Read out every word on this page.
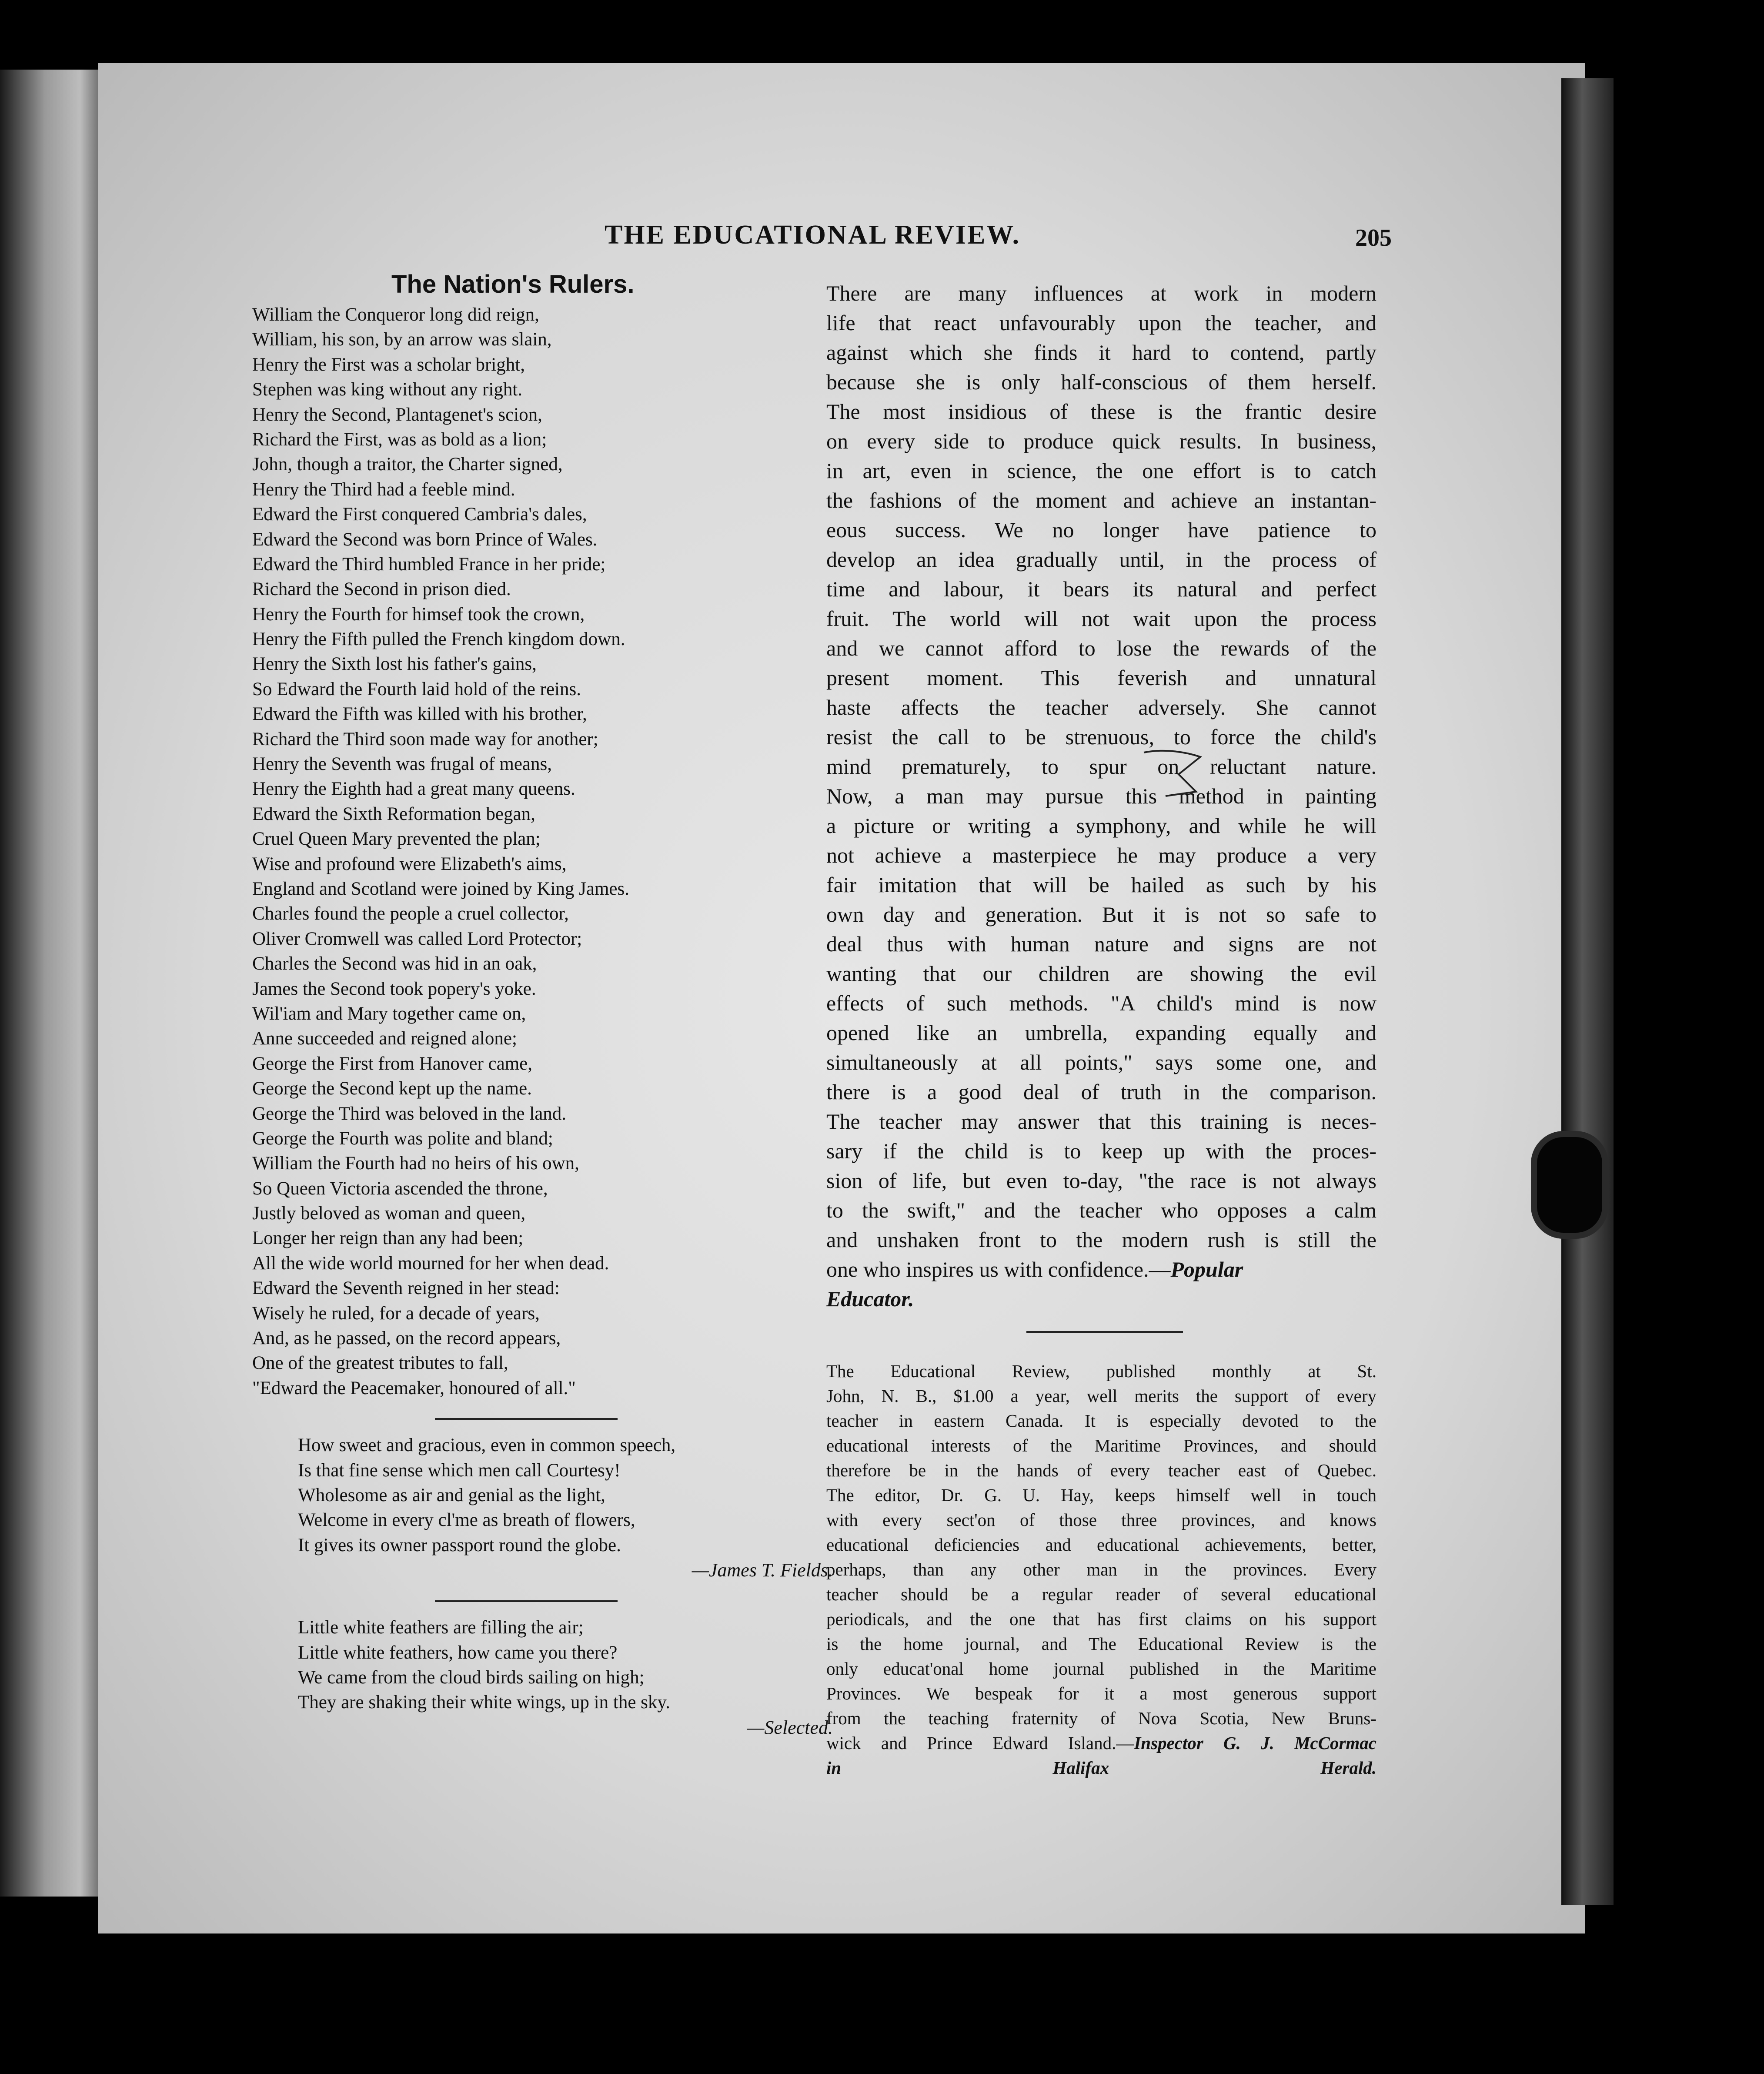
THE EDUCATIONAL REVIEW.	205
The Nation's Rulers.
William the Conqueror long did reign,
William, his son, by an arrow was slain,
Henry the First was a scholar bright,
Stephen was king without any right.
Henry the Second, Plantagenet's scion,
Richard the First, was as bold as a lion;
John, though a traitor, the Charter signed,
Henry the Third had a feeble mind.
Edward the First conquered Cambria's dales,
Edward the Second was born Prince of Wales.
Edward the Third humbled France in her pride;
Richard the Second in prison died.
Henry the Fourth for himsef took the crown,
Henry the Fifth pulled the French kingdom down.
Henry the Sixth lost his father's gains,
So Edward the Fourth laid hold of the reins.
Edward the Fifth was killed with his brother,
Richard the Third soon made way for another;
Henry the Seventh was frugal of means,
Henry the Eighth had a great many queens.
Edward the Sixth Reformation began,
Cruel Queen Mary prevented the plan;
Wise and profound were Elizabeth's aims,
England and Scotland were joined by King James.
Charles found the people a cruel collector,
Oliver Cromwell was called Lord Protector;
Charles the Second was hid in an oak,
James the Second took popery's yoke.
Wil'iam and Mary together came on,
Anne succeeded and reigned alone;
George the First from Hanover came,
George the Second kept up the name.
George the Third was beloved in the land.
George the Fourth was polite and bland;
William the Fourth had no heirs of his own,
So Queen Victoria ascended the throne,
Justly beloved as woman and queen,
Longer her reign than any had been;
All the wide world mourned for her when dead.
Edward the Seventh reigned in her stead:
Wisely he ruled, for a decade of years,
And, as he passed, on the record appears,
One of the greatest tributes to fall,
"Edward the Peacemaker, honoured of all."
How sweet and gracious, even in common speech,
Is that fine sense which men call Courtesy!
Wholesome as air and genial as the light,
Welcome in every cl'me as breath of flowers,
It gives its owner passport round the globe.
—James T. Fields.
Little white feathers are filling the air;
Little white feathers, how came you there?
We came from the cloud birds sailing on high;
They are shaking their white wings, up in the sky.
—Selected.
There are many influences at work in modern
life that react unfavourably upon the teacher, and
against which she finds it hard to contend, partly
because she is only half-conscious of them herself.
The most insidious of these is the frantic desire
on every side to produce quick results. In business,
in art, even in science, the one effort is to catch
the fashions of the moment and achieve an instantan-
eous success. We no longer have patience to
develop an idea gradually until, in the process of
time and labour, it bears its natural and perfect
fruit. The world will not wait upon the process
and we cannot afford to lose the rewards of the
present moment. This feverish and unnatural
haste affects the teacher adversely. She cannot
resist the call to be strenuous, to force the child's
mind prematurely, to spur on reluctant nature.
Now, a man may pursue this method in painting
a picture or writing a symphony, and while he will
not achieve a masterpiece he may produce a very
fair imitation that will be hailed as such by his
own day and generation. But it is not so safe to
deal thus with human nature and signs are not
wanting that our children are showing the evil
effects of such methods. "A child's mind is now
opened like an umbrella, expanding equally and
simultaneously at all points," says some one, and
there is a good deal of truth in the comparison.
The teacher may answer that this training is neces-
sary if the child is to keep up with the proces-
sion of life, but even to-day, "the race is not always
to the swift," and the teacher who opposes a calm
and unshaken front to the modern rush is still the
one who inspires us with confidence.—Popular
Educator.
The Educational Review, published monthly at St.
John, N. B., $1.00 a year, well merits the support of every
teacher in eastern Canada. It is especially devoted to the
educational interests of the Maritime Provinces, and should
therefore be in the hands of every teacher east of Quebec.
The editor, Dr. G. U. Hay, keeps himself well in touch
with every sect'on of those three provinces, and knows
educational deficiencies and educational achievements, better,
perhaps, than any other man in the provinces. Every
teacher should be a regular reader of several educational
periodicals, and the one that has first claims on his support
is the home journal, and The Educational Review is the
only educat'onal home journal published in the Maritime
Provinces. We bespeak for it a most generous support
from the teaching fraternity of Nova Scotia, New Bruns-
wick and Prince Edward Island.—Inspector G. J. McCormac
in Halifax Herald.
